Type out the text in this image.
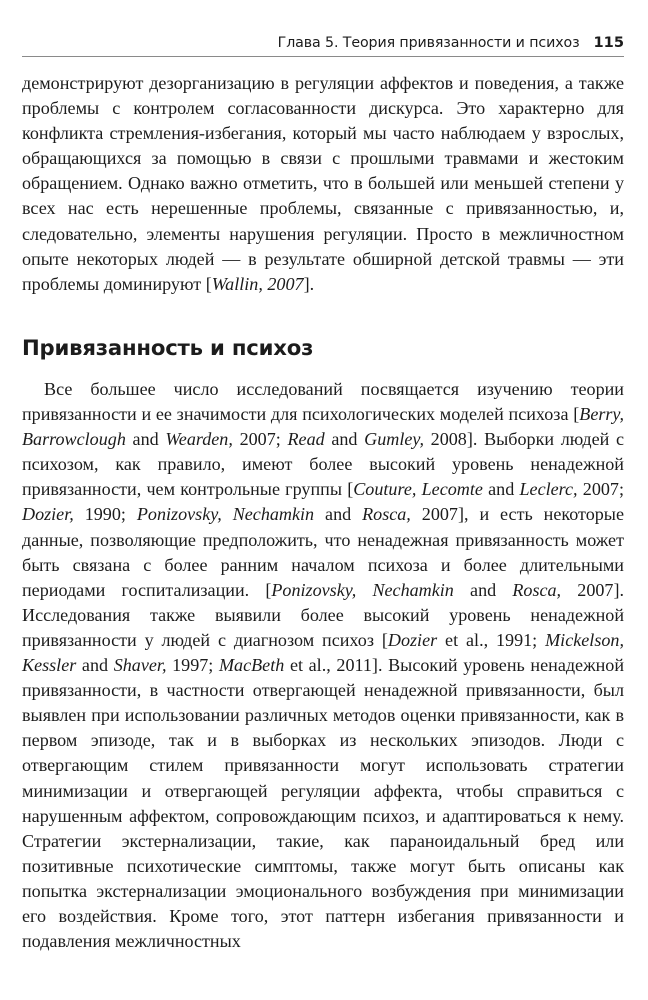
Глава 5. Теория привязанности и психоз 115

демонстрируют дезорганизацию в регуляции аффектов и поведения, а также проблемы с контролем согласованности дискурса. Это характерно для конфликта стремления-избегания, который мы часто наблюдаем у взрослых, обращающихся за помощью в связи с прошлыми травмами и жестоким обращением. Однако важно отметить, что в большей или меньшей степени у всех нас есть нерешенные проблемы, связанные с привязанностью, и, следовательно, элементы нарушения регуляции. Просто в межличностном опыте некоторых людей — в результате обширной детской травмы — эти проблемы доминируют [Wallin, 2007].

Привязанность и психоз

Все большее число исследований посвящается изучению теории привязанности и ее значимости для психологических моделей психоза [Berry, Barrowclough and Wearden, 2007; Read and Gumley, 2008]. Выборки людей с психозом, как правило, имеют более высокий уровень ненадежной привязанности, чем контрольные группы [Couture, Lecomte and Leclerc, 2007; Dozier, 1990; Ponizovsky, Nechamkin and Rosca, 2007], и есть некоторые данные, позволяющие предположить, что ненадежная привязанность может быть связана с более ранним началом психоза и более длительными периодами госпитализации. [Ponizovsky, Nechamkin and Rosca, 2007]. Исследования также выявили более высокий уровень ненадежной привязанности у людей с диагнозом психоз [Dozier et al., 1991; Mickelson, Kessler and Shaver, 1997; MacBeth et al., 2011]. Высокий уровень ненадежной привязанности, в частности отвергающей ненадежной привязанности, был выявлен при использовании различных методов оценки привязанности, как в первом эпизоде, так и в выборках из нескольких эпизодов. Люди с отвергающим стилем привязанности могут использовать стратегии минимизации и отвергающей регуляции аффекта, чтобы справиться с нарушенным аффектом, сопровождающим психоз, и адаптироваться к нему. Стратегии экстернализации, такие, как параноидальный бред или позитивные психотические симптомы, также могут быть описаны как попытка экстернализации эмоционального возбуждения при минимизации его воздействия. Кроме того, этот паттерн избегания привязанности и подавления межличностных
